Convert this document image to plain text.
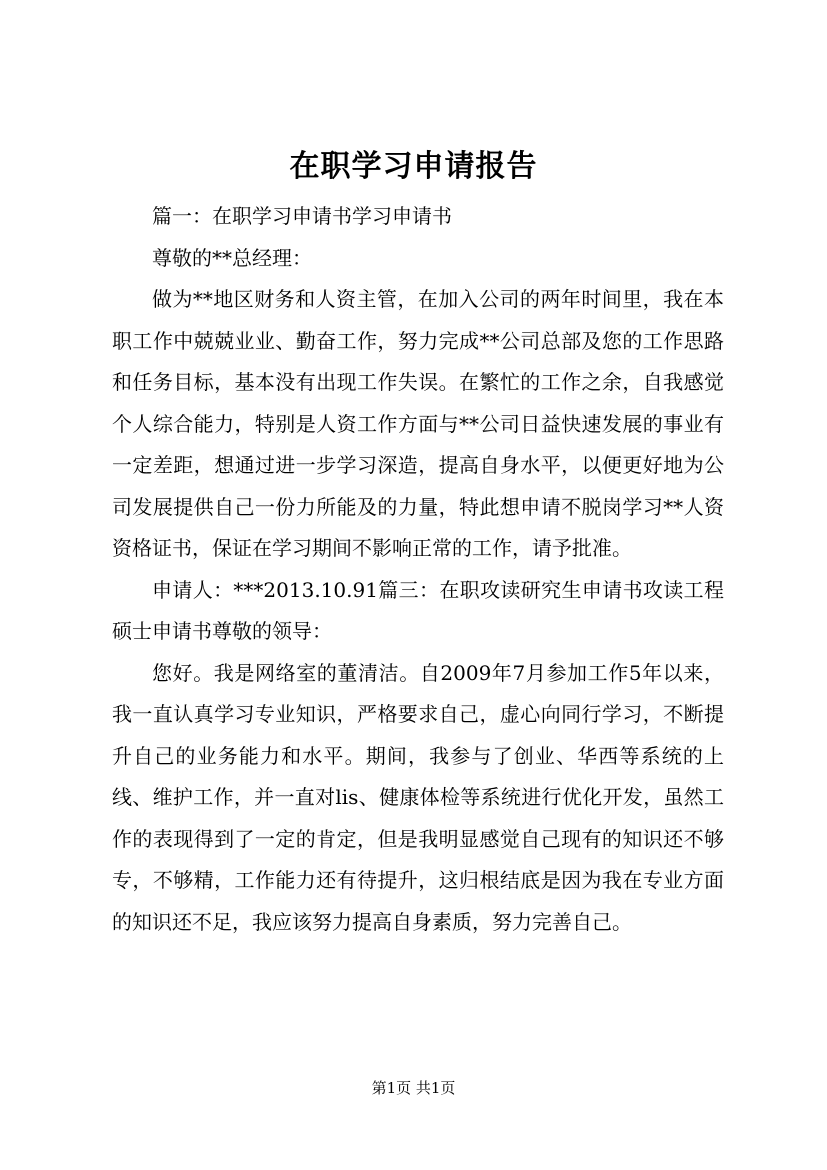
在职学习申请报告

篇一：在职学习申请书学习申请书

尊敬的**总经理：

做为**地区财务和人资主管，在加入公司的两年时间里，我在本职工作中兢兢业业、勤奋工作，努力完成**公司总部及您的工作思路和任务目标，基本没有出现工作失误。在繁忙的工作之余，自我感觉个人综合能力，特别是人资工作方面与**公司日益快速发展的事业有一定差距，想通过进一步学习深造，提高自身水平，以便更好地为公司发展提供自己一份力所能及的力量，特此想申请不脱岗学习**人资资格证书，保证在学习期间不影响正常的工作，请予批准。

申请人：***2013.10.91篇三：在职攻读研究生申请书攻读工程硕士申请书尊敬的领导：

您好。我是网络室的董清洁。自2009年7月参加工作5年以来，我一直认真学习专业知识，严格要求自己，虚心向同行学习，不断提升自己的业务能力和水平。期间，我参与了创业、华西等系统的上线、维护工作，并一直对lis、健康体检等系统进行优化开发，虽然工作的表现得到了一定的肯定，但是我明显感觉自己现有的知识还不够专，不够精，工作能力还有待提升，这归根结底是因为我在专业方面的知识还不足，我应该努力提高自身素质，努力完善自己。

第1页 共1页
